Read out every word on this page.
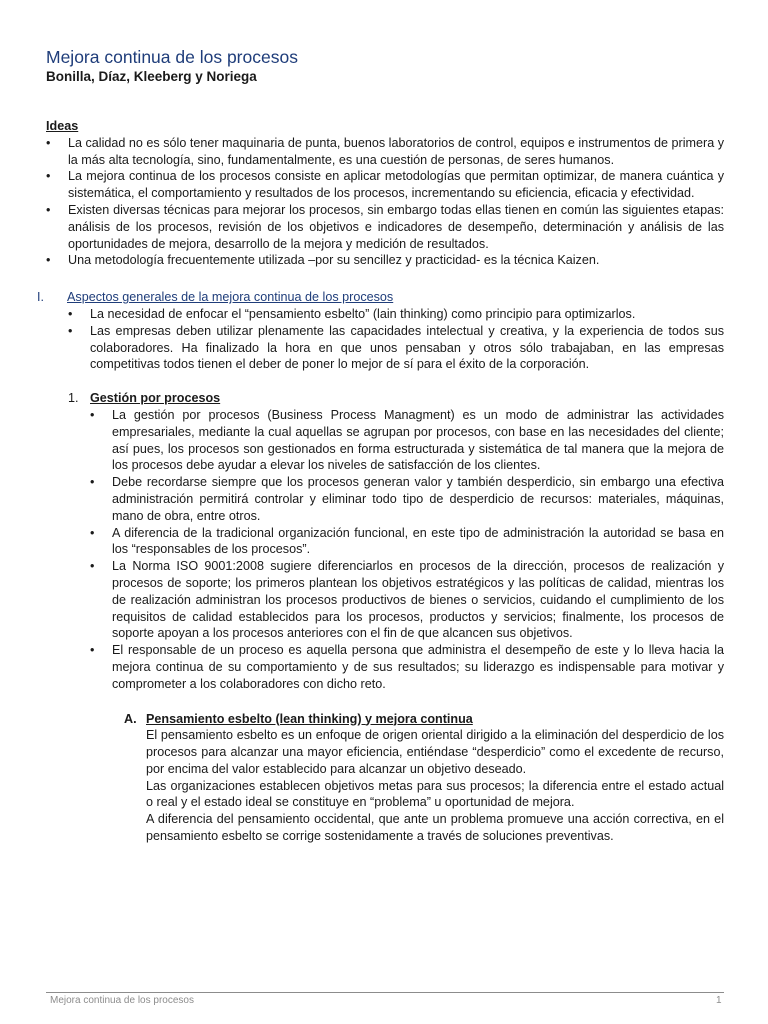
Mejora continua de los procesos
Bonilla, Díaz, Kleeberg y Noriega
Ideas
• La calidad no es sólo tener maquinaria de punta, buenos laboratorios de control, equipos e instrumentos de primera y la más alta tecnología, sino, fundamentalmente, es una cuestión de personas, de seres humanos.
• La mejora continua de los procesos consiste en aplicar metodologías que permitan optimizar, de manera cuántica y sistemática, el comportamiento y resultados de los procesos, incrementando su eficiencia, eficacia y efectividad.
• Existen diversas técnicas para mejorar los procesos, sin embargo todas ellas tienen en común las siguientes etapas: análisis de los procesos, revisión de los objetivos e indicadores de desempeño, determinación y análisis de las oportunidades de mejora, desarrollo de la mejora y medición de resultados.
• Una metodología frecuentemente utilizada –por su sencillez y practicidad- es la técnica Kaizen.
I. Aspectos generales de la mejora continua de los procesos
• La necesidad de enfocar el “pensamiento esbelto” (lain thinking) como principio para optimizarlos.
• Las empresas deben utilizar plenamente las capacidades intelectual y creativa, y la experiencia de todos sus colaboradores. Ha finalizado la hora en que unos pensaban y otros sólo trabajaban, en las empresas competitivas todos tienen el deber de poner lo mejor de sí para el éxito de la corporación.
1. Gestión por procesos
• La gestión por procesos (Business Process Managment) es un modo de administrar las actividades empresariales, mediante la cual aquellas se agrupan por procesos, con base en las necesidades del cliente; así pues, los procesos son gestionados en forma estructurada y sistemática de tal manera que la mejora de los procesos debe ayudar a elevar los niveles de satisfacción de los clientes.
• Debe recordarse siempre que los procesos generan valor y también desperdicio, sin embargo una efectiva administración permitirá controlar y eliminar todo tipo de desperdicio de recursos: materiales, máquinas, mano de obra, entre otros.
• A diferencia de la tradicional organización funcional, en este tipo de administración la autoridad se basa en los “responsables de los procesos”.
• La Norma ISO 9001:2008 sugiere diferenciarlos en procesos de la dirección, procesos de realización y procesos de soporte; los primeros plantean los objetivos estratégicos y las políticas de calidad, mientras los de realización administran los procesos productivos de bienes o servicios, cuidando el cumplimiento de los requisitos de calidad establecidos para los procesos, productos y servicios; finalmente, los procesos de soporte apoyan a los procesos anteriores con el fin de que alcancen sus objetivos.
• El responsable de un proceso es aquella persona que administra el desempeño de este y lo lleva hacia la mejora continua de su comportamiento y de sus resultados; su liderazgo es indispensable para motivar y comprometer a los colaboradores con dicho reto.
A. Pensamiento esbelto (lean thinking) y mejora continua
El pensamiento esbelto es un enfoque de origen oriental dirigido a la eliminación del desperdicio de los procesos para alcanzar una mayor eficiencia, entiéndase “desperdicio” como el excedente de recurso, por encima del valor establecido para alcanzar un objetivo deseado.
Las organizaciones establecen objetivos metas para sus procesos; la diferencia entre el estado actual o real y el estado ideal se constituye en “problema” u oportunidad de mejora.
A diferencia del pensamiento occidental, que ante un problema promueve una acción correctiva, en el pensamiento esbelto se corrige sostenidamente a través de soluciones preventivas.
Mejora continua de los procesos	1
